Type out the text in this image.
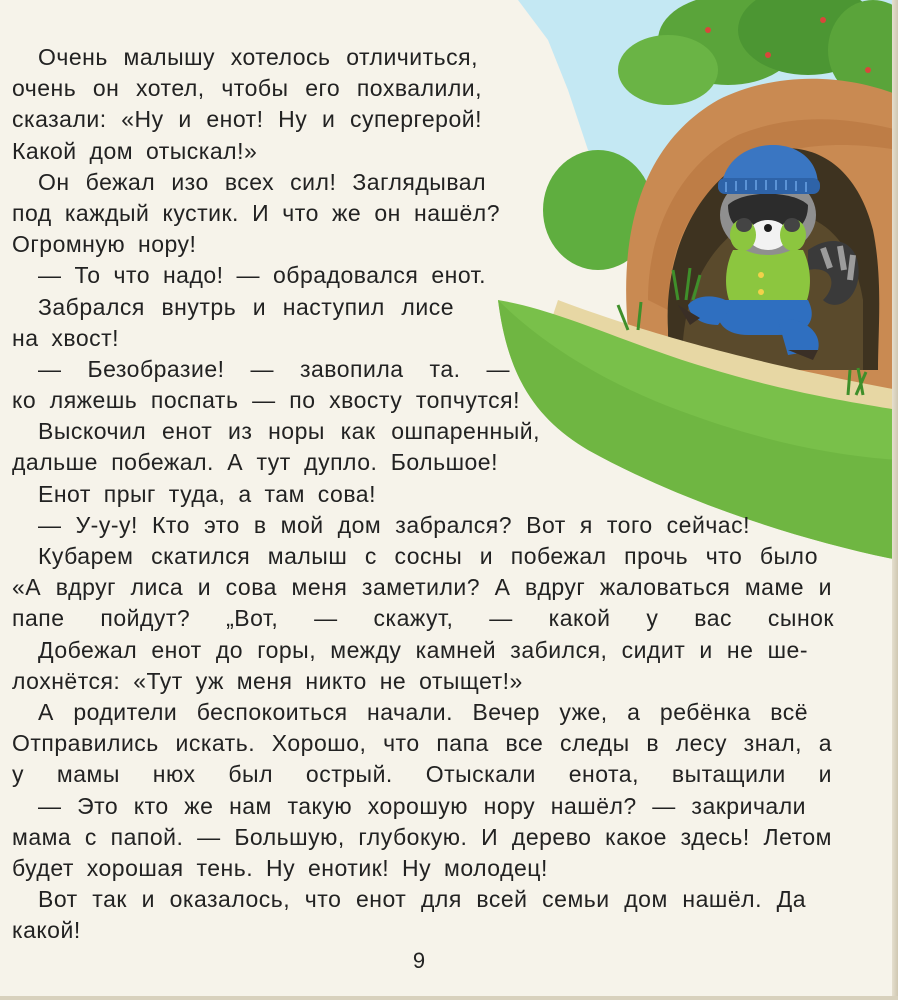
Очень малышу хотелось отличиться,
очень он хотел, чтобы его похвалили,
сказали: «Ну и енот! Ну и супергерой!
Какой дом отыскал!»
Он бежал изо всех сил! Заглядывал
под каждый кустик. И что же он нашёл?
Огромную нору!
— То что надо! — обрадовался енот.
Забрался внутрь и наступил лисе
на хвост!
— Безобразие! — завопила та. —
ко ляжешь поспать — по хвосту топчутся!
Выскочил енот из норы как ошпаренный,
дальше побежал. А тут дупло. Большое!
Енот прыг туда, а там сова!
— У-у-у! Кто это в мой дом забрался? Вот я того сейчас!
Кубарем скатился малыш с сосны и побежал прочь что было
«А вдруг лиса и сова меня заметили? А вдруг жаловаться маме и
папе пойдут? „Вот, — скажут, — какой у вас сынок
Добежал енот до горы, между камней забился, сидит и не ше-
лохнётся: «Тут уж меня никто не отыщет!»
А родители беспокоиться начали. Вечер уже, а ребёнка всё
Отправились искать. Хорошо, что папа все следы в лесу знал, а
у мамы нюх был острый. Отыскали енота, вытащили и
— Это кто же нам такую хорошую нору нашёл? — закричали
мама с папой. — Большую, глубокую. И дерево какое здесь! Летом
будет хорошая тень. Ну енотик! Ну молодец!
Вот так и оказалось, что енот для всей семьи дом нашёл. Да
какой!
9
